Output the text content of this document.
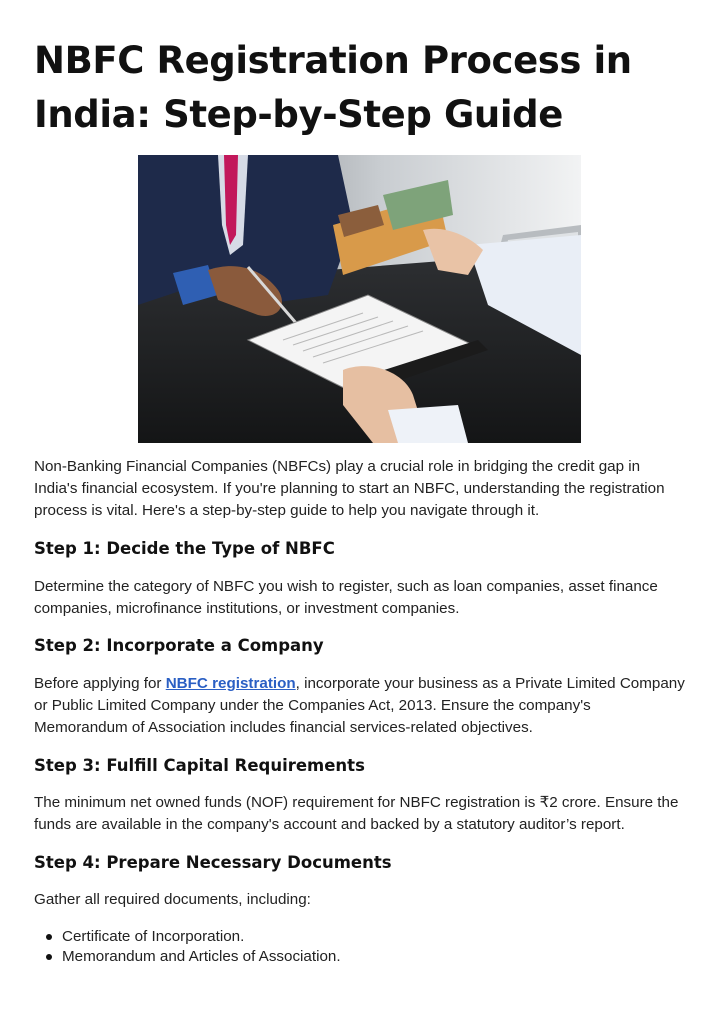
NBFC Registration Process in India: Step-by-Step Guide

Non-Banking Financial Companies (NBFCs) play a crucial role in bridging the credit gap in India's financial ecosystem. If you're planning to start an NBFC, understanding the registration process is vital. Here's a step-by-step guide to help you navigate through it.

Step 1: Decide the Type of NBFC

Determine the category of NBFC you wish to register, such as loan companies, asset finance companies, microfinance institutions, or investment companies.

Step 2: Incorporate a Company

Before applying for NBFC registration, incorporate your business as a Private Limited Company or Public Limited Company under the Companies Act, 2013. Ensure the company's Memorandum of Association includes financial services-related objectives.

Step 3: Fulfill Capital Requirements

The minimum net owned funds (NOF) requirement for NBFC registration is ₹2 crore. Ensure the funds are available in the company's account and backed by a statutory auditor’s report.

Step 4: Prepare Necessary Documents

Gather all required documents, including:

Certificate of Incorporation.
Memorandum and Articles of Association.
